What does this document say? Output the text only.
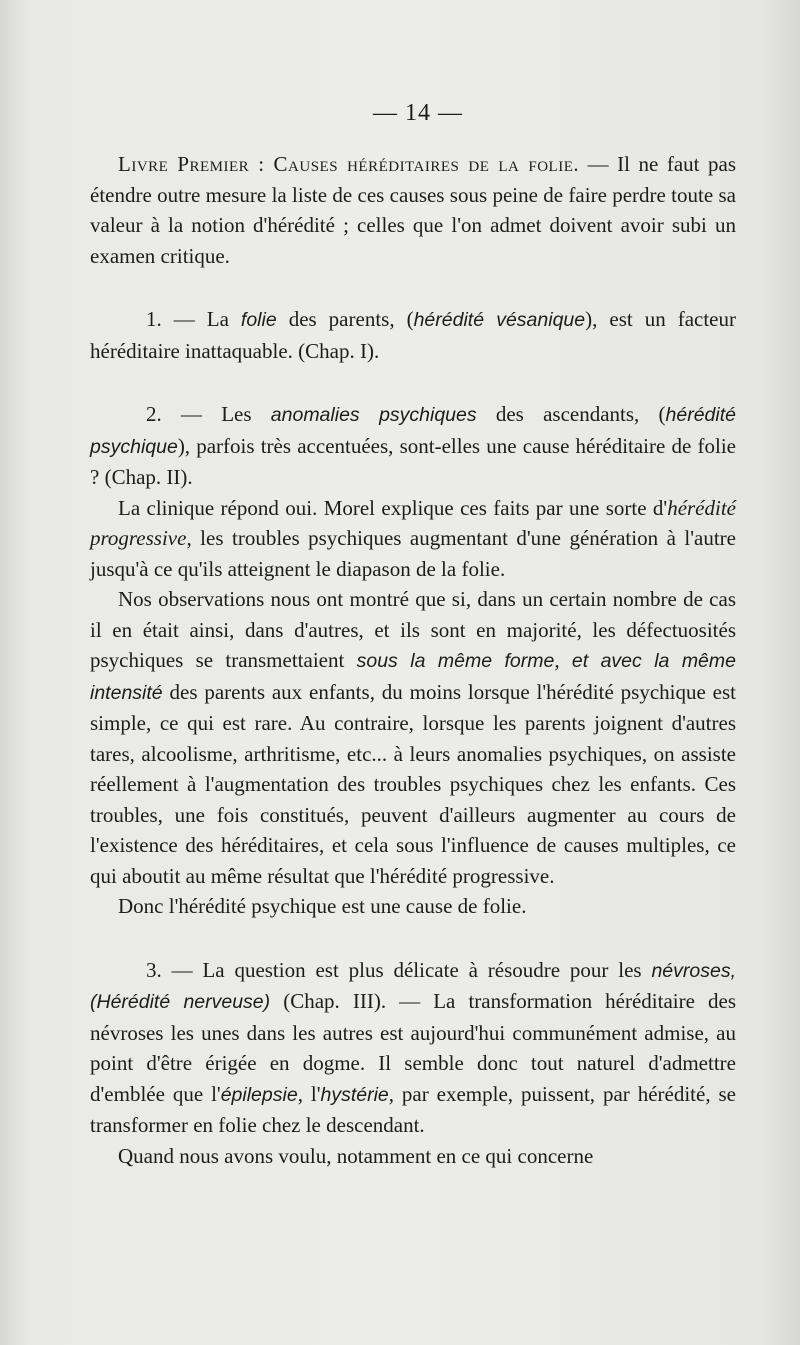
— 14 —

Livre Premier : Causes héréditaires de la folie. — Il ne faut pas étendre outre mesure la liste de ces causes sous peine de faire perdre toute sa valeur à la notion d'hérédité ; celles que l'on admet doivent avoir subi un examen critique.

1. — La folie des parents, (hérédité vésanique), est un facteur héréditaire inattaquable. (Chap. I).

2. — Les anomalies psychiques des ascendants, (hérédité psychique), parfois très accentuées, sont-elles une cause héréditaire de folie ? (Chap. II).

La clinique répond oui. Morel explique ces faits par une sorte d'hérédité progressive, les troubles psychiques augmentant d'une génération à l'autre jusqu'à ce qu'ils atteignent le diapason de la folie.

Nos observations nous ont montré que si, dans un certain nombre de cas il en était ainsi, dans d'autres, et ils sont en majorité, les défectuosités psychiques se transmettaient sous la même forme, et avec la même intensité des parents aux enfants, du moins lorsque l'hérédité psychique est simple, ce qui est rare. Au contraire, lorsque les parents joignent d'autres tares, alcoolisme, arthritisme, etc... à leurs anomalies psychiques, on assiste réellement à l'augmentation des troubles psychiques chez les enfants. Ces troubles, une fois constitués, peuvent d'ailleurs augmenter au cours de l'existence des héréditaires, et cela sous l'influence de causes multiples, ce qui aboutit au même résultat que l'hérédité progressive.

Donc l'hérédité psychique est une cause de folie.

3. — La question est plus délicate à résoudre pour les névroses, (Hérédité nerveuse) (Chap. III). — La transformation héréditaire des névroses les unes dans les autres est aujourd'hui communément admise, au point d'être érigée en dogme. Il semble donc tout naturel d'admettre d'emblée que l'épilepsie, l'hystérie, par exemple, puissent, par hérédité, se transformer en folie chez le descendant.

Quand nous avons voulu, notamment en ce qui concerne
